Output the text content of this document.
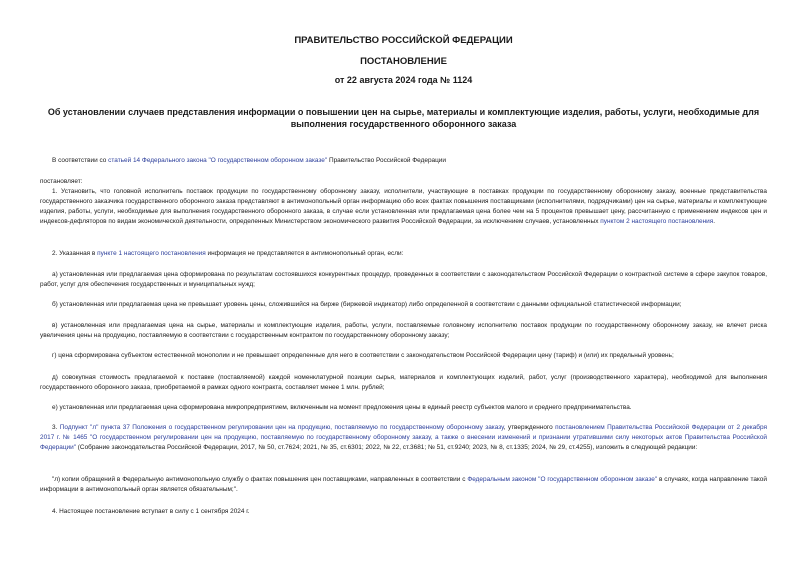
ПРАВИТЕЛЬСТВО РОССИЙСКОЙ ФЕДЕРАЦИИ
ПОСТАНОВЛЕНИЕ
от 22 августа 2024 года № 1124
Об установлении случаев представления информации о повышении цен на сырье, материалы и комплектующие изделия, работы, услуги, необходимые для
выполнения государственного оборонного заказа
В соответствии со статьей 14 Федерального закона "О государственном оборонном заказе" Правительство Российской Федерации
постановляет:
1. Установить, что головной исполнитель поставок продукции по государственному оборонному заказу, исполнители, участвующие в поставках продукции по государственному оборонному заказу, военные представительства государственного заказчика государственного оборонного заказа представляют в антимонопольный орган информацию обо всех фактах повышения поставщиками (исполнителями, подрядчиками) цен на сырье, материалы и комплектующие изделия, работы, услуги, необходимые для выполнения государственного оборонного заказа, в случае если установленная или предлагаемая цена более чем на 5 процентов превышает цену, рассчитанную с применением индексов цен и индексов-дефляторов по видам экономической деятельности, определенных Министерством экономического развития Российской Федерации, за исключением случаев, установленных пунктом 2 настоящего постановления.
2. Указанная в пункте 1 настоящего постановления информация не представляется в антимонопольный орган, если:
а) установленная или предлагаемая цена сформирована по результатам состоявшихся конкурентных процедур, проведенных в соответствии с законодательством Российской Федерации о контрактной системе в сфере закупок товаров, работ, услуг для обеспечения государственных и муниципальных нужд;
б) установленная или предлагаемая цена не превышает уровень цены, сложившийся на бирже (биржевой индикатор) либо определенной в соответствии с данными официальной статистической информации;
в) установленная или предлагаемая цена на сырье, материалы и комплектующие изделия, работы, услуги, поставляемые головному исполнителю поставок продукции по государственному оборонному заказу, не влечет риска увеличения цены на продукцию, поставляемую в соответствии с государственным контрактом по государственному оборонному заказу;
г) цена сформирована субъектом естественной монополии и не превышает определенные для него в соответствии с законодательством Российской Федерации цену (тариф) и (или) их предельный уровень;
д) совокупная стоимость предлагаемой к поставке (поставляемой) каждой номенклатурной позиции сырья, материалов и комплектующих изделий, работ, услуг (производственного характера), необходимой для выполнения государственного оборонного заказа, приобретаемой в рамках одного контракта, составляет менее 1 млн. рублей;
е) установленная или предлагаемая цена сформирована микропредприятием, включенным на момент предложения цены в единый реестр субъектов малого и среднего предпринимательства.
3. Подпункт "л" пункта 37 Положения о государственном регулировании цен на продукцию, поставляемую по государственному оборонному заказу, утвержденного постановлением Правительства Российской Федерации от 2 декабря 2017 г. № 1465 "О государственном регулировании цен на продукцию, поставляемую по государственному оборонному заказу, а также о внесении изменений и признании утратившими силу некоторых актов Правительства Российской Федерации" (Собрание законодательства Российской Федерации, 2017, № 50, ст.7624; 2021, № 35, ст.6301; 2022, № 22, ст.3681; № 51, ст.9240; 2023, № 8, ст.1335; 2024, № 29, ст.4255), изложить в следующей редакции:
"л) копии обращений в Федеральную антимонопольную службу о фактах повышения цен поставщиками, направленных в соответствии с Федеральным законом "О государственном оборонном заказе" в случаях, когда направление такой информации в антимонопольный орган является обязательным;".
4. Настоящее постановление вступает в силу с 1 сентября 2024 г.
